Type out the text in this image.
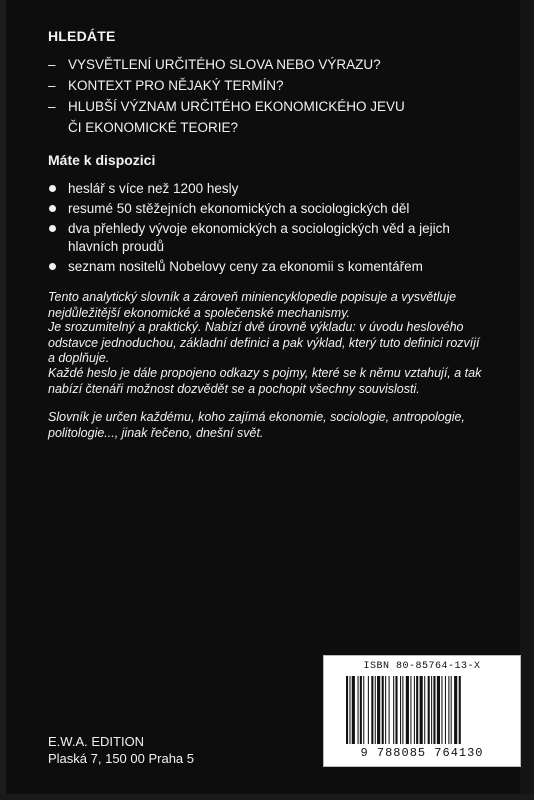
HLEDÁTE
– VYSVĚTLENÍ URČITÉHO SLOVA NEBO VÝRAZU?
– KONTEXT PRO NĚJAKÝ TERMÍN?
– HLUBŠÍ VÝZNAM URČITÉHO EKONOMICKÉHO JEVU
ČI EKONOMICKÉ TEORIE?
Máte k dispozici
heslář s více než 1200 hesly
resumé 50 stěžejních ekonomických a sociologických děl
dva přehledy vývoje ekonomických a sociologických věd a jejich hlavních proudů
seznam nositelů Nobelovy ceny za ekonomii s komentářem

Tento analytický slovník a zároveň miniencyklopedie popisuje a vysvětluje nejdůležitější ekonomické a společenské mechanismy.

Je srozumitelný a praktický. Nabízí dvě úrovně výkladu: v úvodu heslového odstavce jednoduchou, základní definici a pak výklad, který tuto definici rozvíjí a doplňuje.

Každé heslo je dále propojeno odkazy s pojmy, které se k němu vztahují, a tak nabízí čtenáři možnost dozvědět se a pochopit všechny souvislosti.

Slovník je určen každému, koho zajímá ekonomie, sociologie, antropologie, politologie..., jinak řečeno, dnešní svět.

ISBN 80-85764-13-X
9 788085 764130
E.W.A. EDITION
Plaská 7, 150 00 Praha 5
